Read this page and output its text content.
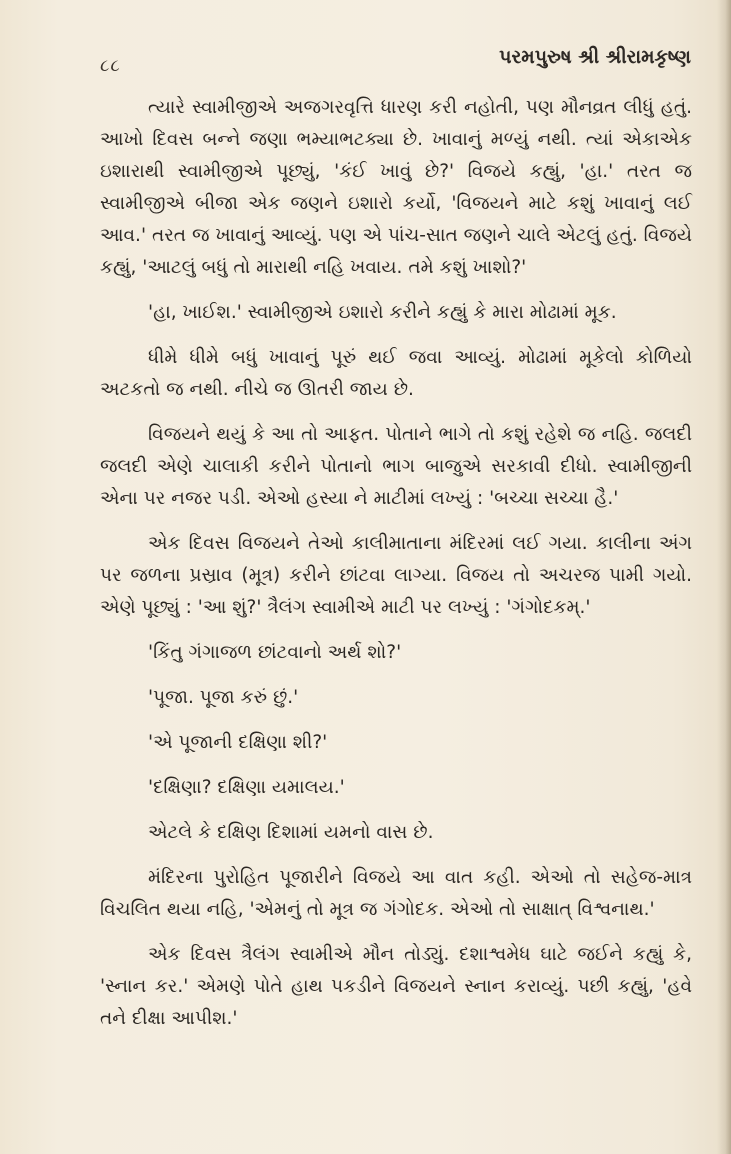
૮૮	પરમપુરુષ શ્રી શ્રીરામકૃષ્ણ

ત્યારે સ્વામીજીએ અજગરવૃત્તિ ધારણ કરી નહોતી, પણ મૌનવ્રત લીધું હતું. આખો દિવસ બન્ને જણા ભમ્યાભટક્યા છે. ખાવાનું મળ્યું નથી. ત્યાં એકાએક ઇશારાથી સ્વામીજીએ પૂછ્યું, 'કંઈ ખાવું છે?' વિજયે કહ્યું, 'હા.' તરત જ સ્વામીજીએ બીજા એક જણને ઇશારો કર્યો, 'વિજયને માટે કશું ખાવાનું લઈ આવ.' તરત જ ખાવાનું આવ્યું. પણ એ પાંચ-સાત જણને ચાલે એટલું હતું. વિજયે કહ્યું, 'આટલું બધું તો મારાથી નહિ ખવાય. તમે કશું ખાશો?'

'હા, ખાઈશ.' સ્વામીજીએ ઇશારો કરીને કહ્યું કે મારા મોઢામાં મૂક.

ધીમે ધીમે બધું ખાવાનું પૂરું થઈ જવા આવ્યું. મોઢામાં મૂકેલો કોળિયો અટકતો જ નથી. નીચે જ ઊતરી જાય છે.

વિજયને થયું કે આ તો આફત. પોતાને ભાગે તો કશું રહેશે જ નહિ. જલદી જલદી એણે ચાલાકી કરીને પોતાનો ભાગ બાજુએ સરકાવી દીધો. સ્વામીજીની એના પર નજર પડી. એઓ હસ્યા ને માટીમાં લખ્યું : 'બચ્ચા સચ્ચા હૈ.'

એક દિવસ વિજયને તેઓ કાલીમાતાના મંદિરમાં લઈ ગયા. કાલીના અંગ પર જળના પ્રસ્રાવ (મૂત્ર) કરીને છાંટવા લાગ્યા. વિજય તો અચરજ પામી ગયો. એણે પૂછ્યું : 'આ શું?' ત્રૈલંગ સ્વામીએ માટી પર લખ્યું : 'ગંગોદકમ્.'

'કિંતુ ગંગાજળ છાંટવાનો અર્થ શો?'

'પૂજા. પૂજા કરું છું.'

'એ પૂજાની દક્ષિણા શી?'

'દક્ષિણા? દક્ષિણા યમાલય.'

એટલે કે દક્ષિણ દિશામાં યમનો વાસ છે.

મંદિરના પુરોહિત પૂજારીને વિજયે આ વાત કહી. એઓ તો સહેજ-માત્ર વિચલિત થયા નહિ, 'એમનું તો મૂત્ર જ ગંગોદક. એઓ તો સાક્ષાત્ વિશ્વનાથ.'

એક દિવસ ત્રૈલંગ સ્વામીએ મૌન તોડ્યું. દશાશ્વમેધ ઘાટે જઈને કહ્યું કે, 'સ્નાન કર.' એમણે પોતે હાથ પકડીને વિજયને સ્નાન કરાવ્યું. પછી કહ્યું, 'હવે તને દીક્ષા આપીશ.'
